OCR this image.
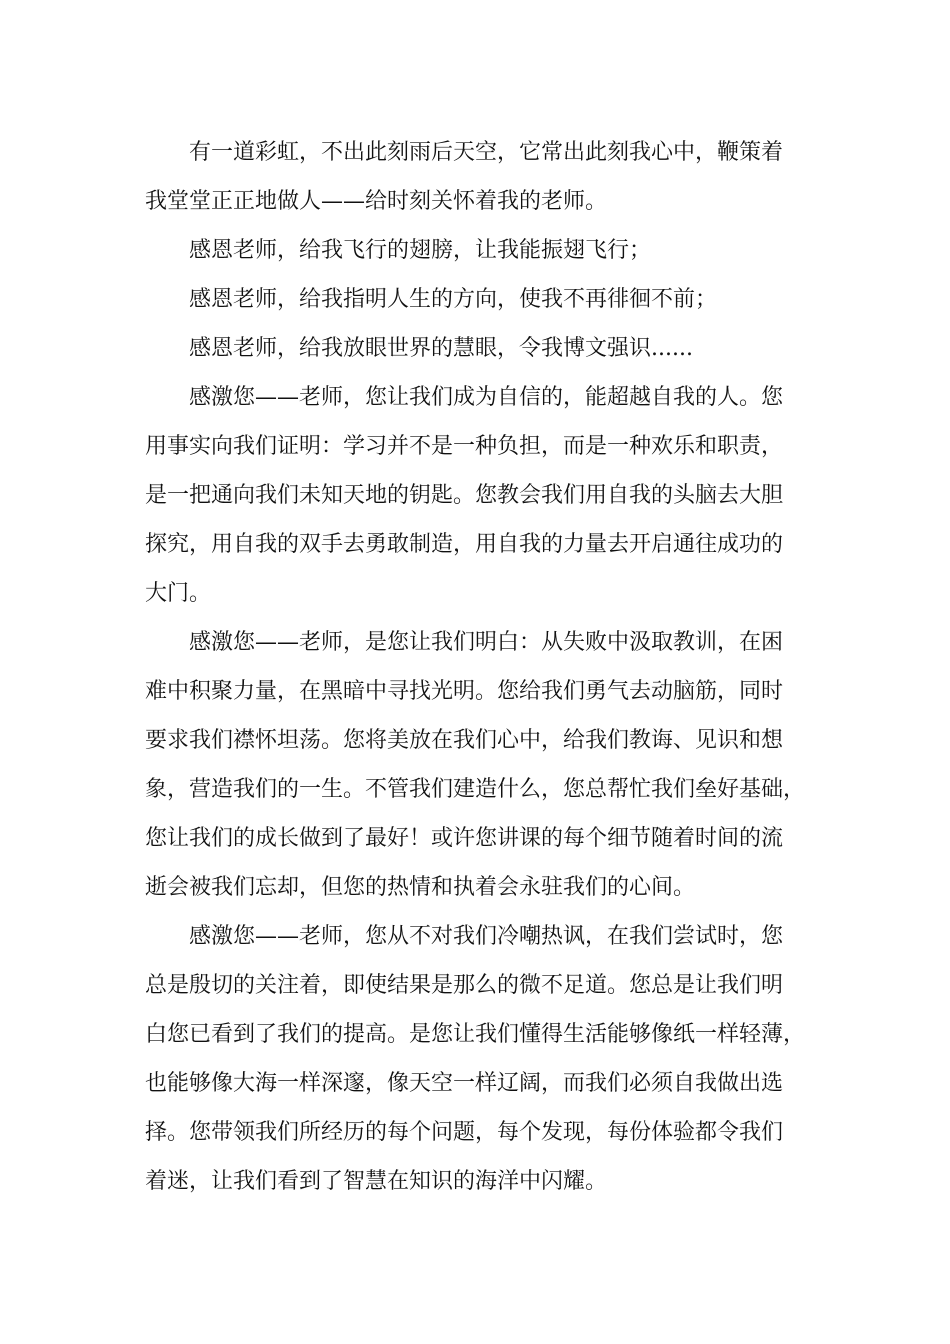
有一道彩虹，不出此刻雨后天空，它常出此刻我心中，鞭策着
我堂堂正正地做人——给时刻关怀着我的老师。
感恩老师，给我飞行的翅膀，让我能振翅飞行；
感恩老师，给我指明人生的方向，使我不再徘徊不前；
感恩老师，给我放眼世界的慧眼，令我博文强识......
感激您——老师，您让我们成为自信的，能超越自我的人。您
用事实向我们证明：学习并不是一种负担，而是一种欢乐和职责，
是一把通向我们未知天地的钥匙。您教会我们用自我的头脑去大胆
探究，用自我的双手去勇敢制造，用自我的力量去开启通往成功的
大门。
感激您——老师，是您让我们明白：从失败中汲取教训，在困
难中积聚力量，在黑暗中寻找光明。您给我们勇气去动脑筋，同时
要求我们襟怀坦荡。您将美放在我们心中，给我们教诲、见识和想
象，营造我们的一生。不管我们建造什么，您总帮忙我们垒好基础，
您让我们的成长做到了最好！或许您讲课的每个细节随着时间的流
逝会被我们忘却，但您的热情和执着会永驻我们的心间。
感激您——老师，您从不对我们冷嘲热讽，在我们尝试时，您
总是殷切的关注着，即使结果是那么的微不足道。您总是让我们明
白您已看到了我们的提高。是您让我们懂得生活能够像纸一样轻薄，
也能够像大海一样深邃，像天空一样辽阔，而我们必须自我做出选
择。您带领我们所经历的每个问题，每个发现，每份体验都令我们
着迷，让我们看到了智慧在知识的海洋中闪耀。
